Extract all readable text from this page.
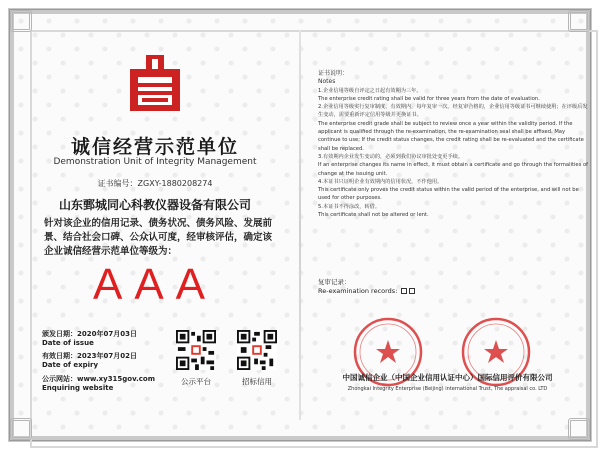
诚信经营示范单位
Demonstration Unit of Integrity Management
证书编号：ZGXY-1880208274
山东鄄城同心科教仪器设备有限公司
针对该企业的信用记录、债务状况、债务风险、发展前景、结合社会口碑、公众认可度，经审核评估，确定该企业诚信经营示范单位等级为：
AAA
颁发日期：2020年07月03日
Date of issue
有效日期：2023年07月02日
Date of expiry
公示网站：www.xy315gov.com
Enquiring website
公示平台	招标信用
证书说明：
Notes
1.企业信用等级自评定之日起有效期为三年。
The enterprise credit rating shall be valid for three years from the date of evaluation.
2.企业信用等级实行复审制度，有效期内，每年复审一次。经复审合格的，企业信用等级证书可继续使用；在评级后发生变动，需要重新评定信用等级并更换证书。
The enterprise credit grade shall be subject to review once a year within the validity period. If the applicant is qualified through the re-examination, the re-examination seal shall be affixed. May continue to use; If the credit status changes, the credit rating shall be re-evaluated and the certificate shall be replaced.
3.有效期内企业发生变动的，必须到我们协议审批处变更手续。
If an enterprise changes its name in effect, it must obtain a certificate and go through the formalities of change at the issuing unit.
4.本证书只证明企业有效期内的信用状况，不作他用。
This certificate only proves the credit status within the valid period of the enterprise, and will not be used for other purposes.
5.本证书不得涂改，转借。
This certificate shall not be altered or lent.
复审记录：
Re-examination records:
中国诚信企业（中国企业信用认证中心）国际信用评价有限公司
Zhongkai Integrity Enterprise (Beijing) international Trust, The appraisal co. LTD
